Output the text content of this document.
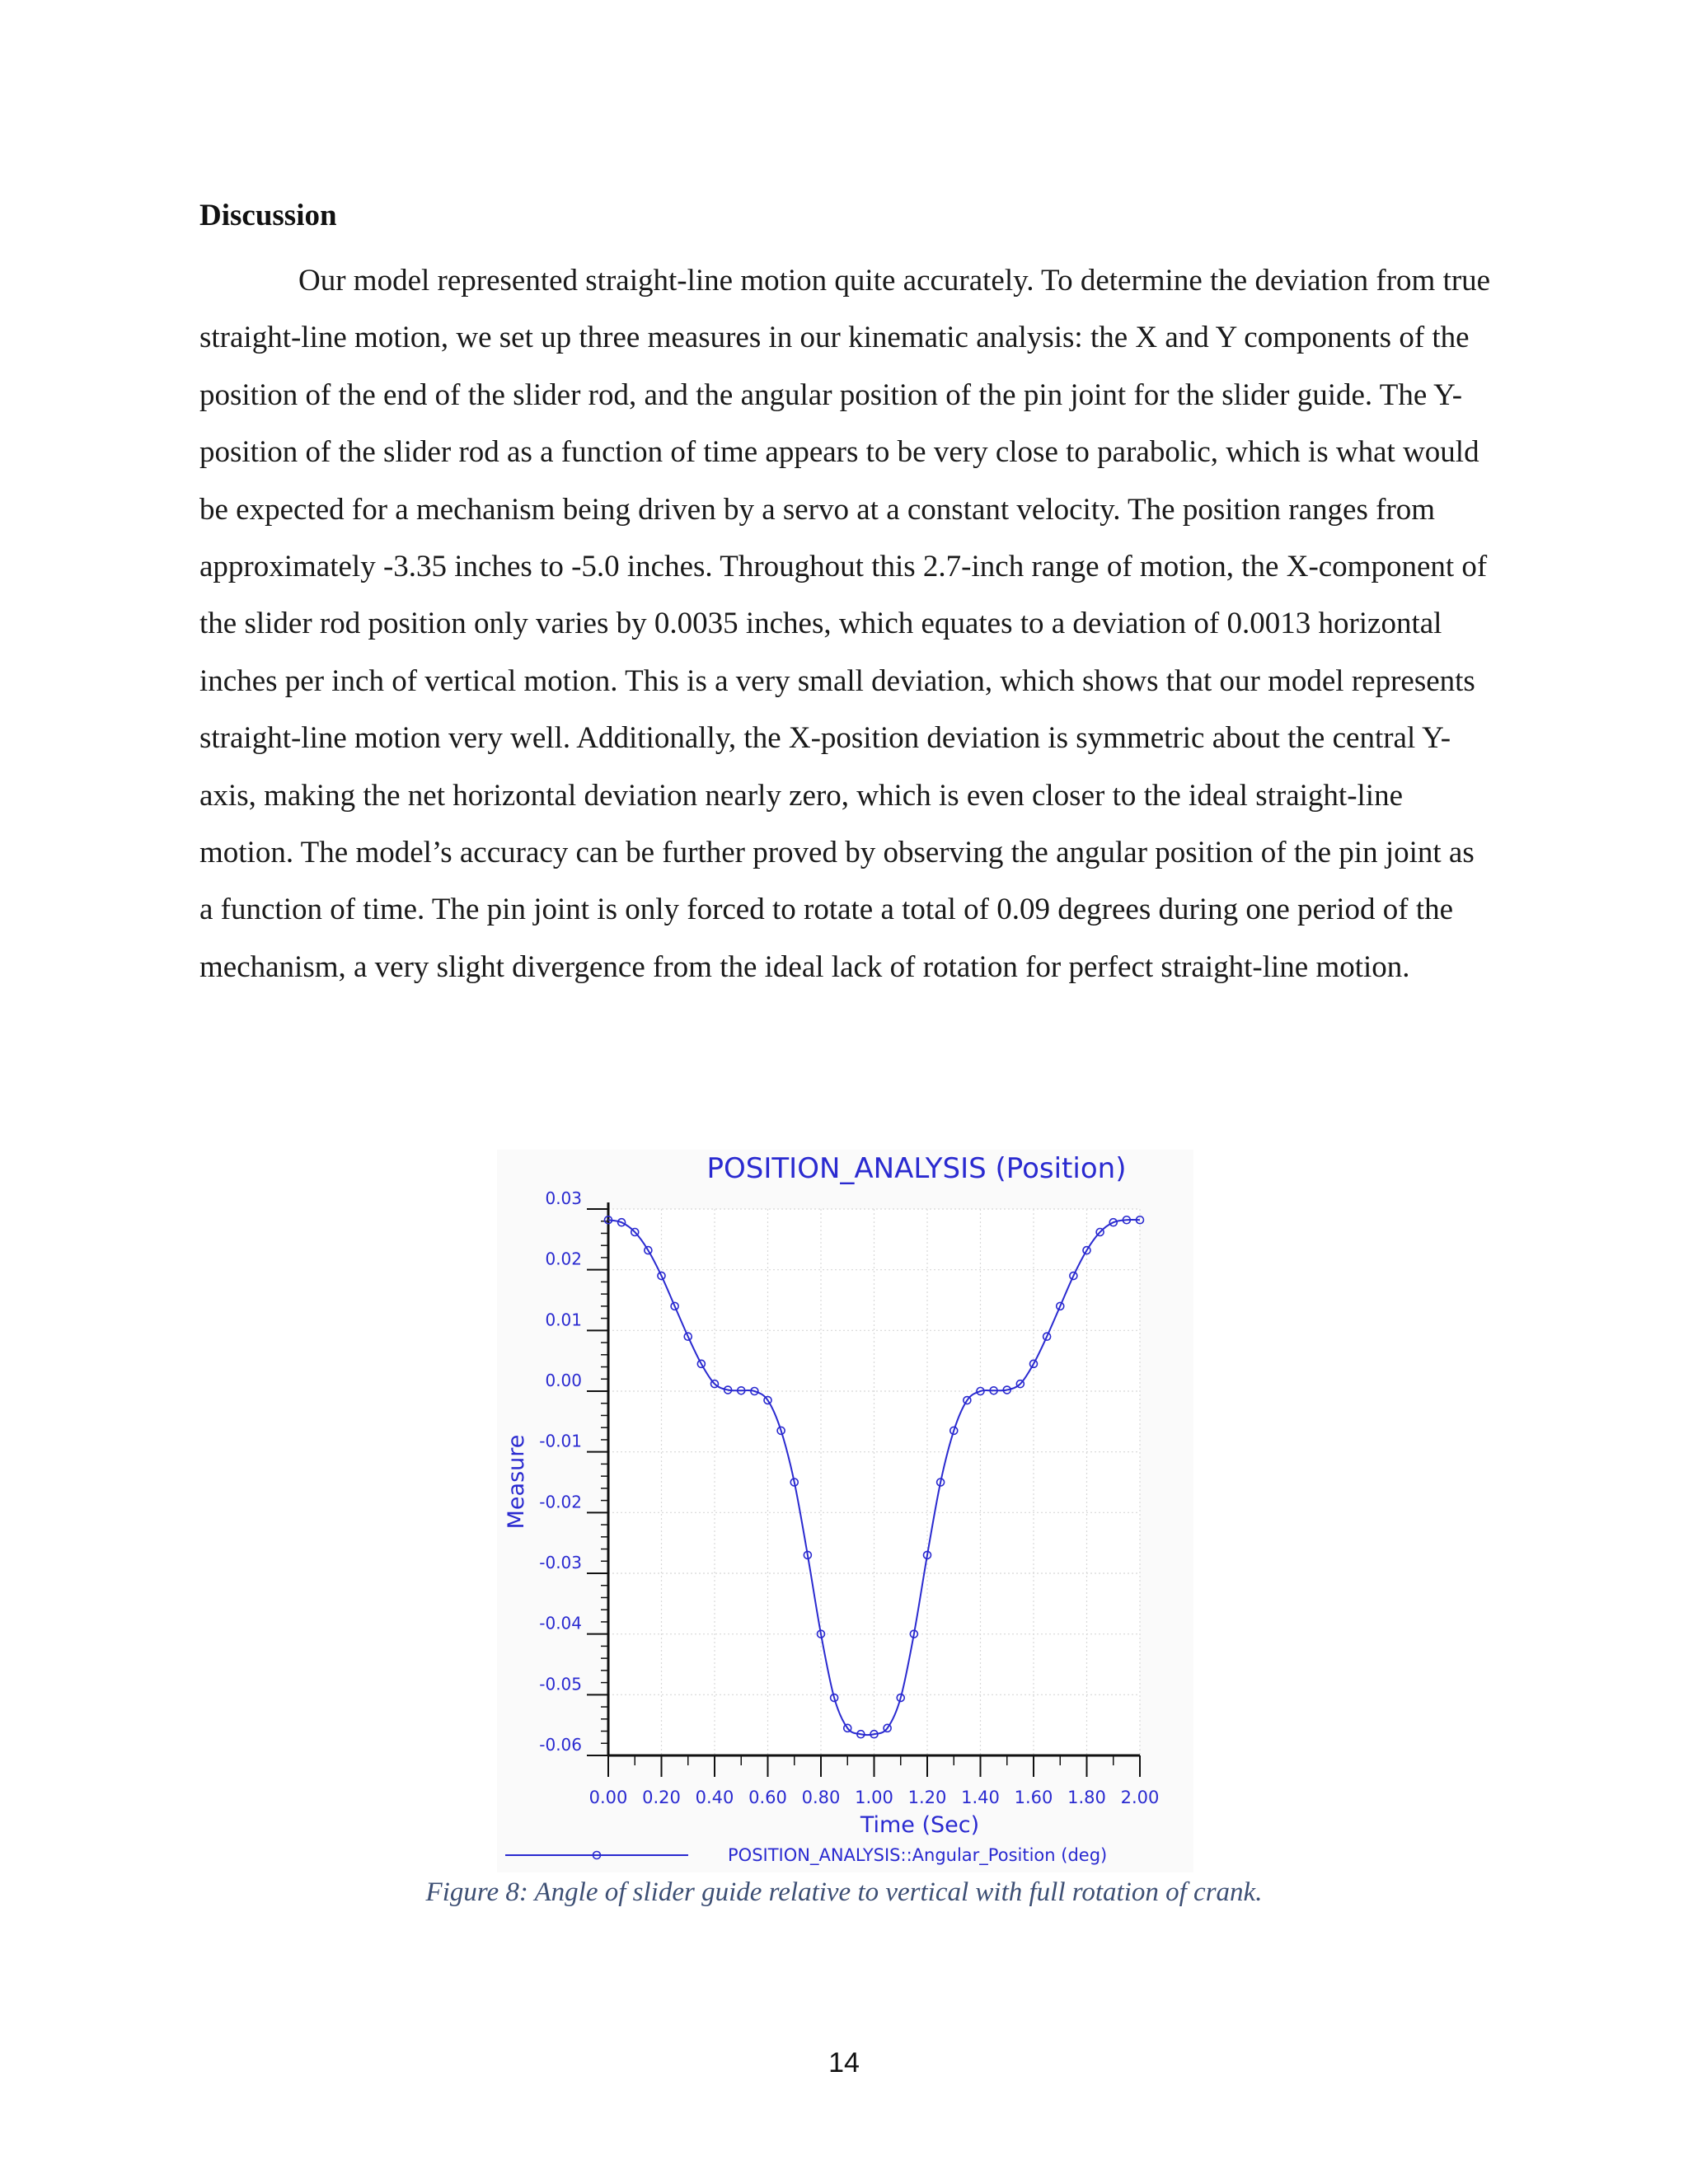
Discussion

Our model represented straight-line motion quite accurately. To determine the deviation from true straight-line motion, we set up three measures in our kinematic analysis: the X and Y components of the position of the end of the slider rod, and the angular position of the pin joint for the slider guide. The Y-position of the slider rod as a function of time appears to be very close to parabolic, which is what would be expected for a mechanism being driven by a servo at a constant velocity. The position ranges from approximately -3.35 inches to -5.0 inches. Throughout this 2.7-inch range of motion, the X-component of the slider rod position only varies by 0.0035 inches, which equates to a deviation of 0.0013 horizontal inches per inch of vertical motion. This is a very small deviation, which shows that our model represents straight-line motion very well. Additionally, the X-position deviation is symmetric about the central Y-axis, making the net horizontal deviation nearly zero, which is even closer to the ideal straight-line motion. The model’s accuracy can be further proved by observing the angular position of the pin joint as a function of time. The pin joint is only forced to rotate a total of 0.09 degrees during one period of the mechanism, a very slight divergence from the ideal lack of rotation for perfect straight-line motion.

0.03
0.02
0.01
0.00
-0.01
-0.02
-0.03
-0.04
-0.05
-0.06
0.00 0.20 0.40 0.60 0.80 1.00 1.20 1.40 1.60 1.80 2.00
POSITION_ANALYSIS (Position)
Time (Sec)
Measure
POSITION_ANALYSIS::Angular_Position (deg)
Figure 8: Angle of slider guide relative to vertical with full rotation of crank.
14
